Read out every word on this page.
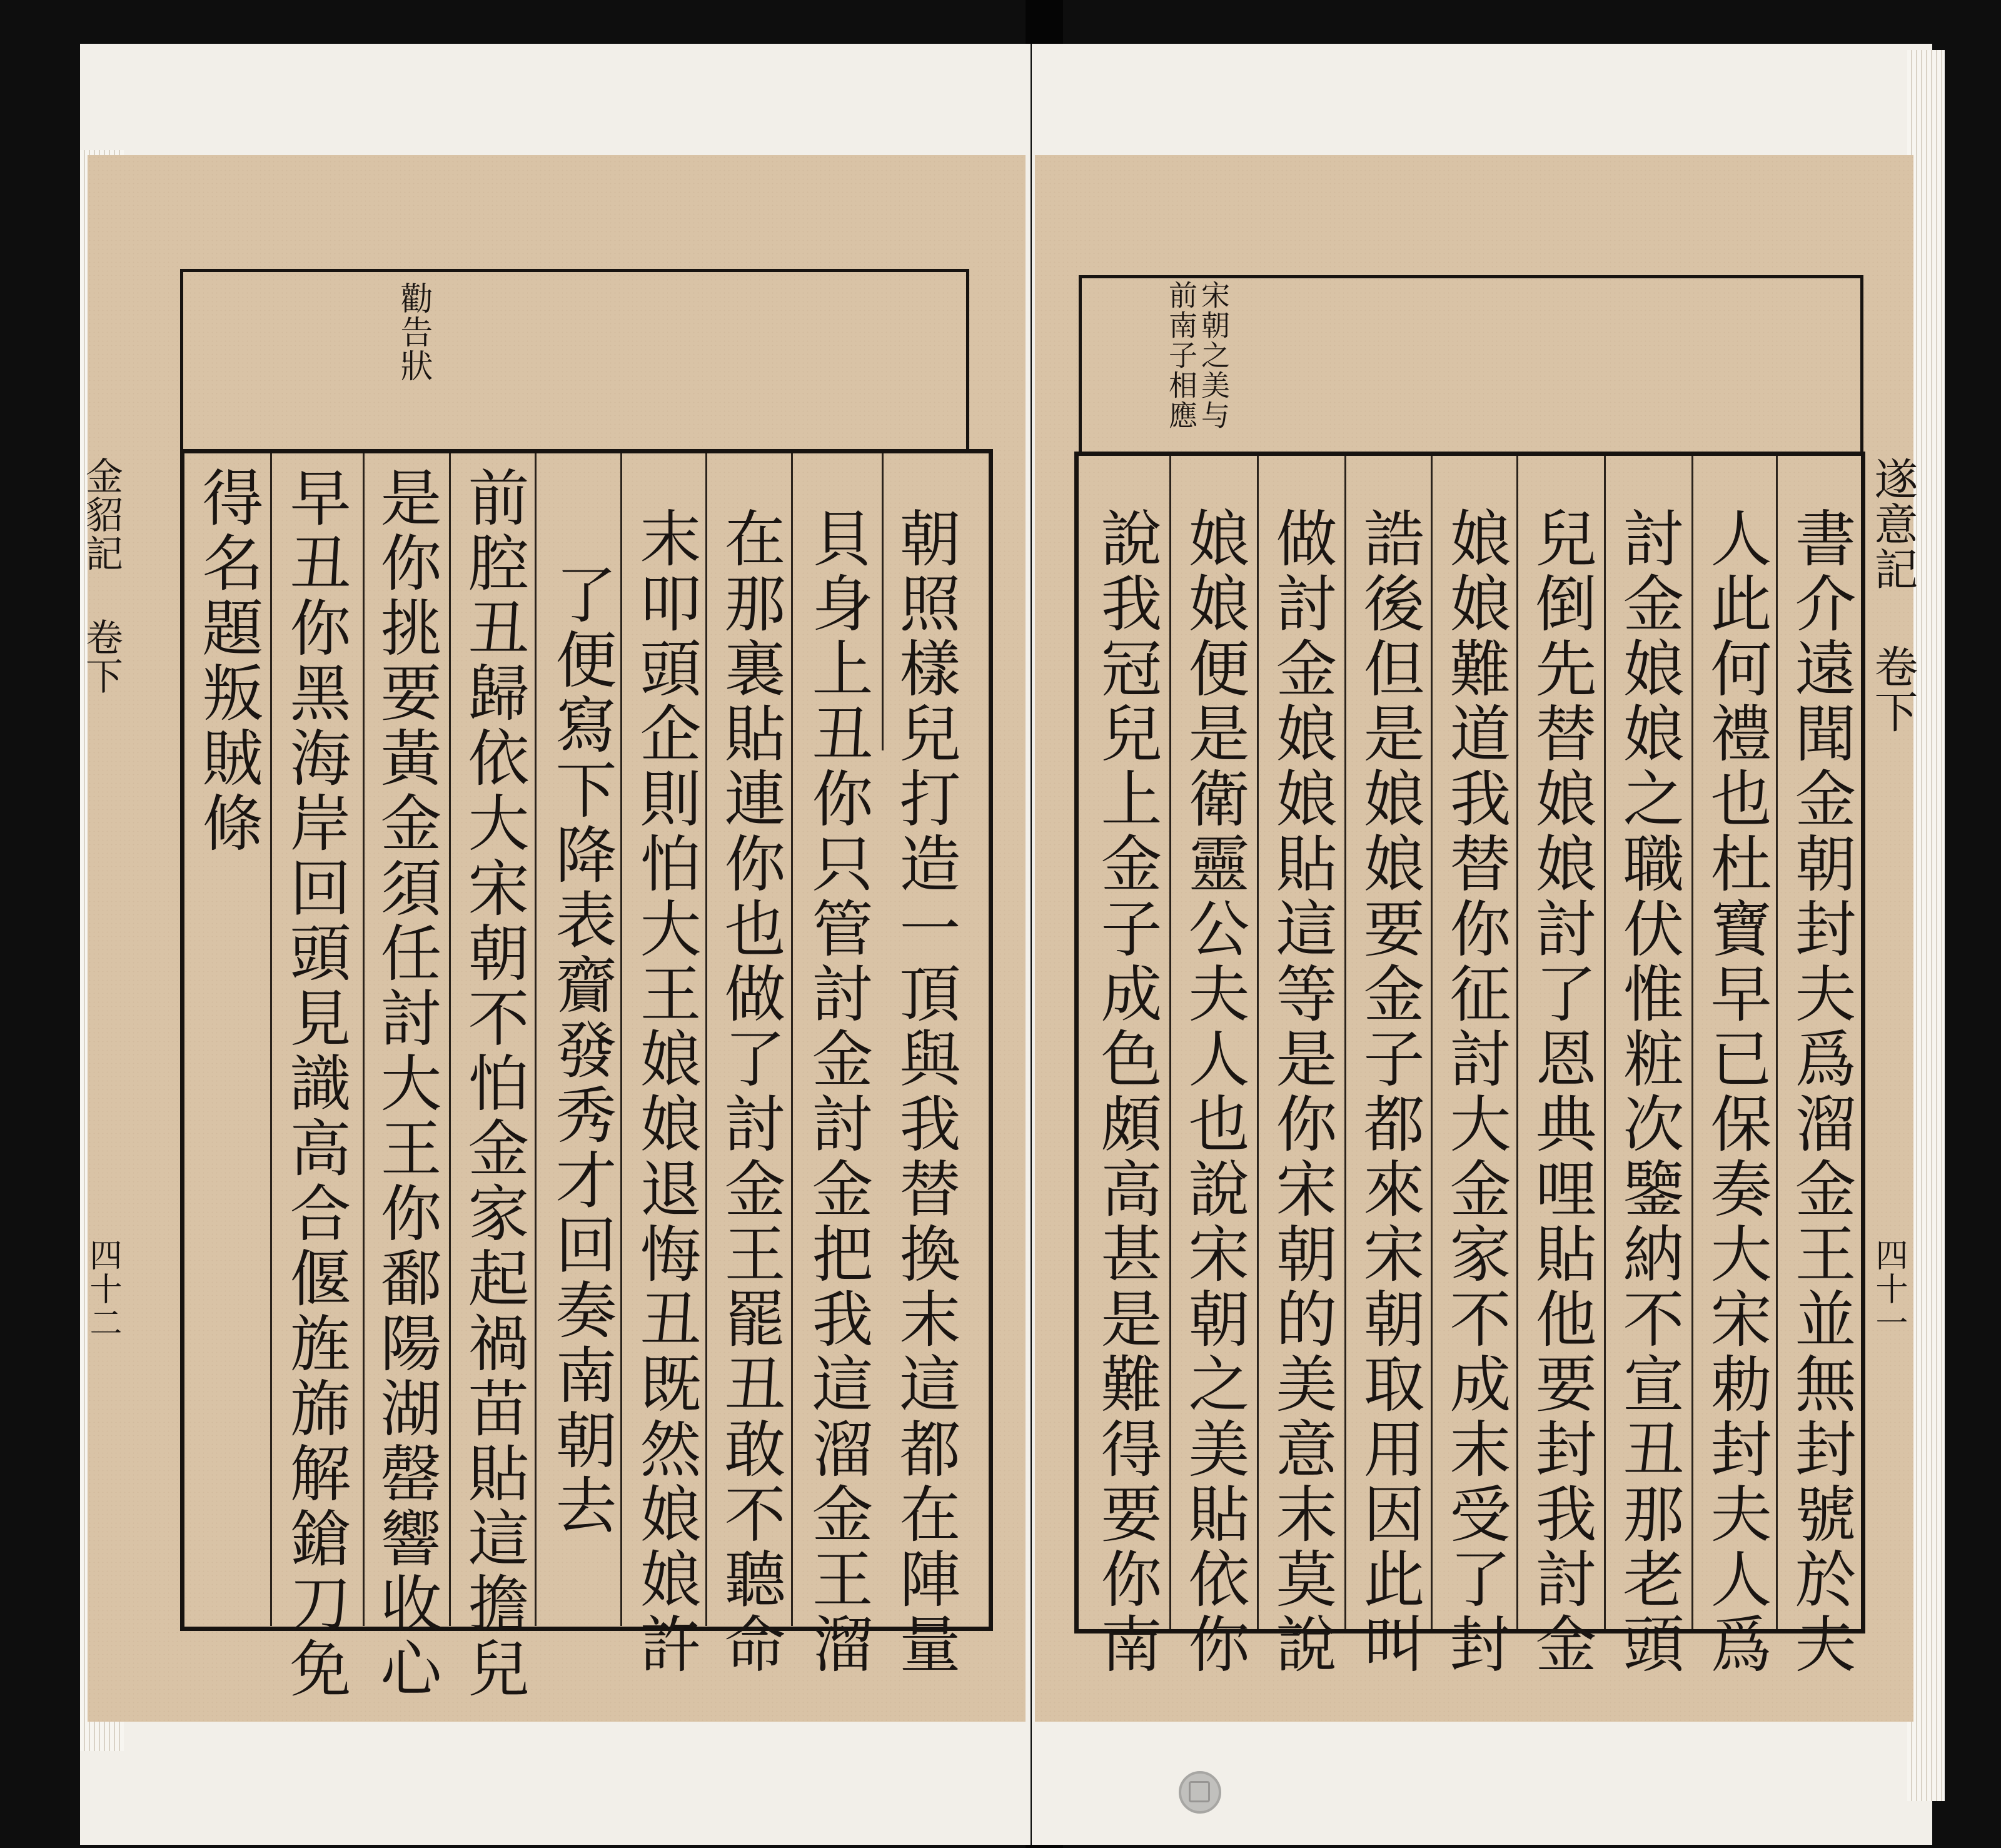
勸告狀
金貂記 卷下
四十二	朝照樣兒打造一頂與我替換末這都在陣量
貝身上丑你只管討金討金把我這溜金王溜
在那裏貼連你也做了討金王罷丑敢不聽命
末叩頭企則怕大王娘娘退悔丑既然娘娘許
了便寫下降表齎發秀才回奏南朝去
前腔丑歸依大宋朝不怕金家起禍苗貼這擔兒
是你挑要黃金須任討大王你鄱陽湖罄響收心
早丑你黑海岸回頭見識高合偃旌旆解鎗刀免
得名題叛賊條
宋朝之美与
前南子相應
遂意記 卷下
四十一
書介遠聞金朝封夫爲溜金王並無封號於夫
人此何禮也杜寶早已保奏大宋勅封夫人爲
討金娘娘之職伏惟粧次鑒納不宣丑那老頭
兒倒先替娘娘討了恩典哩貼他要封我討金
娘娘難道我替你征討大金家不成末受了封
誥後但是娘娘要金子都來宋朝取用因此叫
做討金娘娘貼這等是你宋朝的美意末莫說
娘娘便是衛靈公夫人也說宋朝之美貼依你
說我冠兒上金子成色頗高甚是難得要你南
